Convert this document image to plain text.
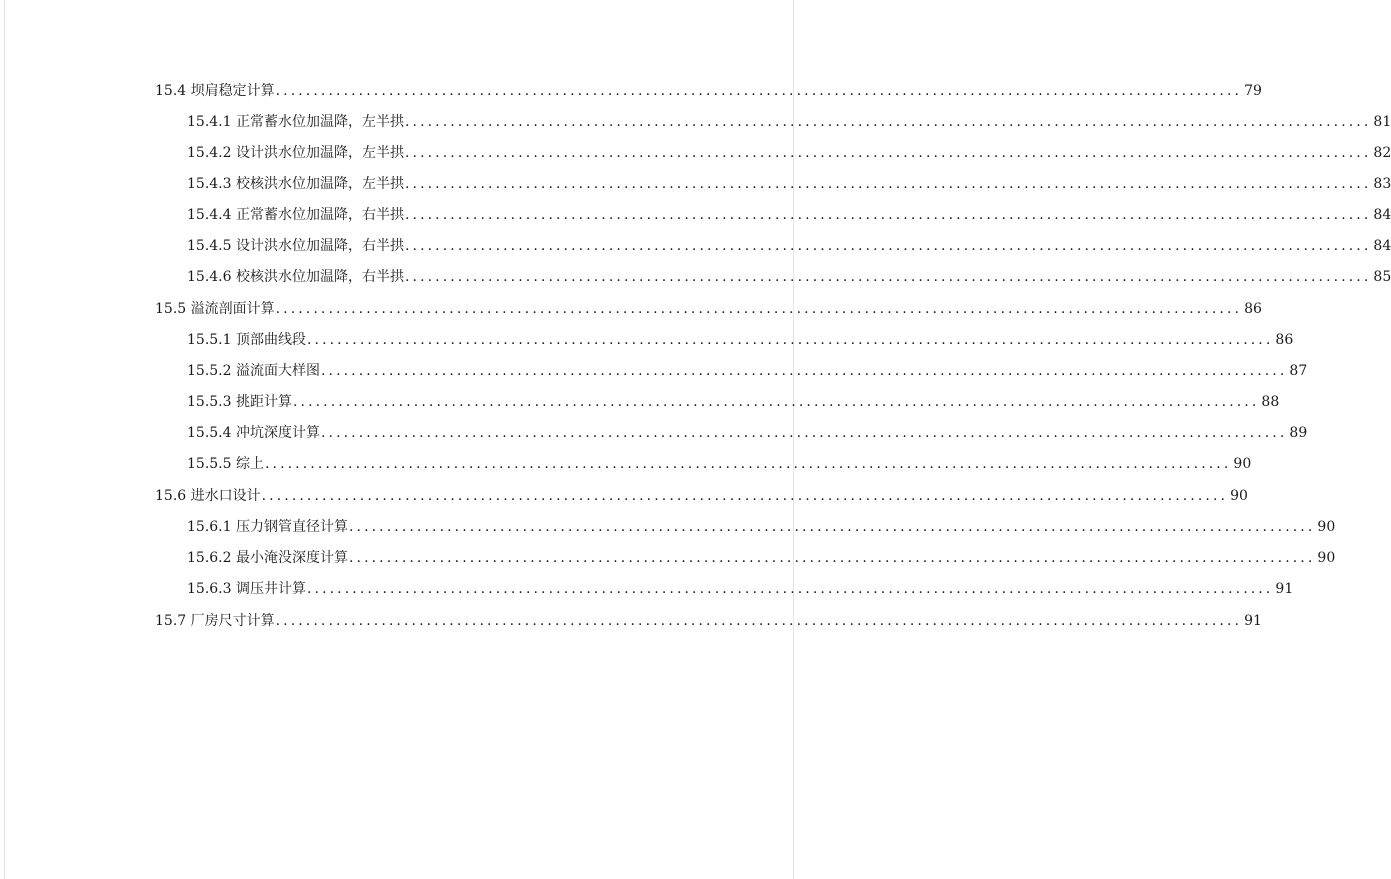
15.4 坝肩稳定计算 ................................................................................................................................ 79
15.4.1 正常蓄水位加温降，左半拱 ................................................................................................................................ 81
15.4.2 设计洪水位加温降，左半拱 ................................................................................................................................ 82
15.4.3 校核洪水位加温降，左半拱 ................................................................................................................................ 83
15.4.4 正常蓄水位加温降，右半拱 ................................................................................................................................ 84
15.4.5 设计洪水位加温降，右半拱 ................................................................................................................................ 84
15.4.6 校核洪水位加温降，右半拱 ................................................................................................................................ 85
15.5 溢流剖面计算 ................................................................................................................................ 86
15.5.1 顶部曲线段 ................................................................................................................................ 86
15.5.2 溢流面大样图 ................................................................................................................................ 87
15.5.3 挑距计算 ................................................................................................................................ 88
15.5.4 冲坑深度计算 ................................................................................................................................ 89
15.5.5 综上 ................................................................................................................................ 90
15.6 进水口设计 ................................................................................................................................ 90
15.6.1 压力钢管直径计算 ................................................................................................................................ 90
15.6.2 最小淹没深度计算 ................................................................................................................................ 90
15.6.3 调压井计算 ................................................................................................................................ 91
15.7 厂房尺寸计算 ................................................................................................................................ 91
